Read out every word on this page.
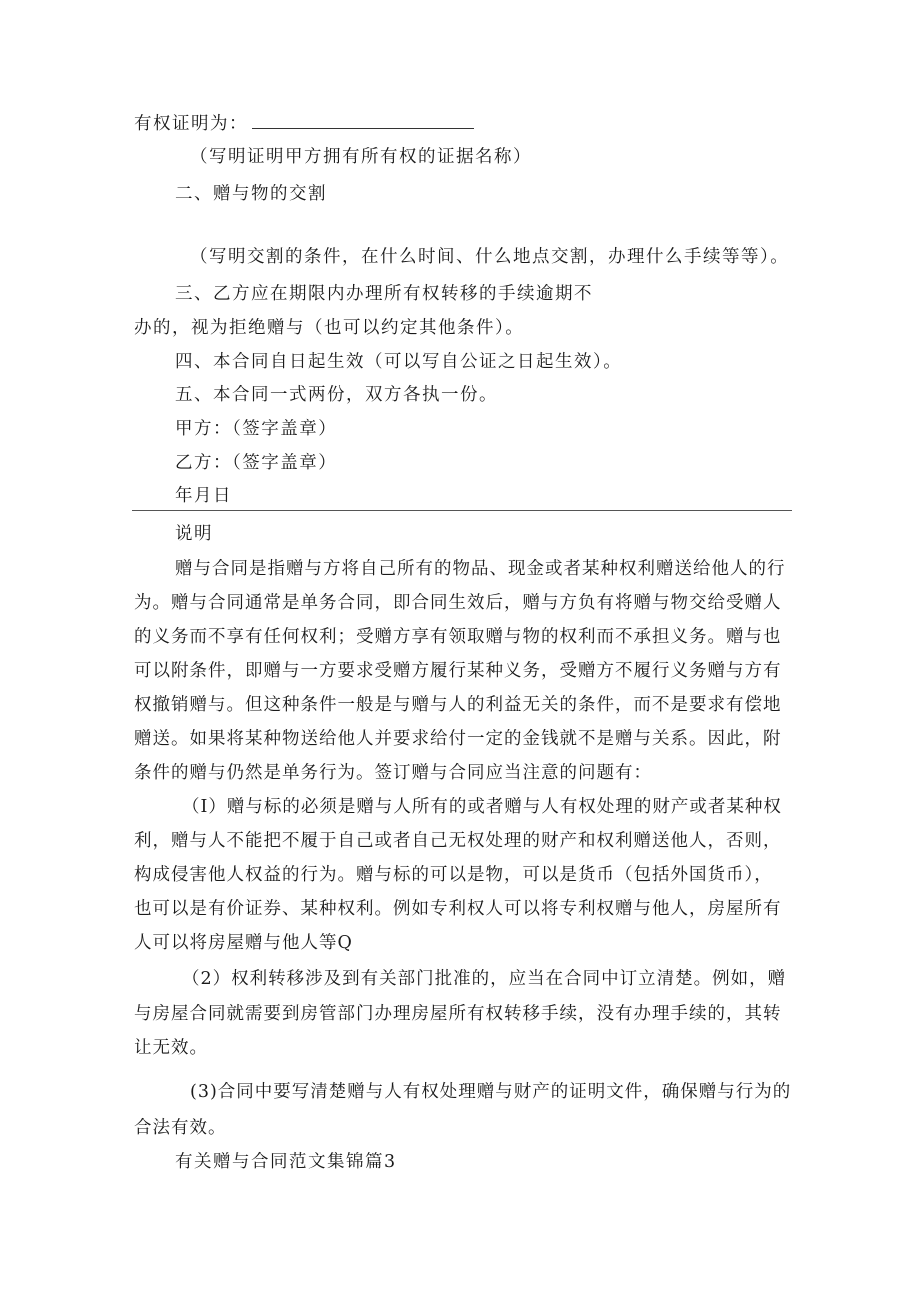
有权证明为：
（写明证明甲方拥有所有权的证据名称）
二、赠与物的交割
（写明交割的条件，在什么时间、什么地点交割，办理什么手续等等）。
三、乙方应在期限内办理所有权转移的手续逾期不
办的，视为拒绝赠与（也可以约定其他条件）。
四、本合同自日起生效（可以写自公证之日起生效）。
五、本合同一式两份，双方各执一份。
甲方：（签字盖章）
乙方：（签字盖章）
年月日
说明
赠与合同是指赠与方将自己所有的物品、现金或者某种权利赠送给他人的行
为。赠与合同通常是单务合同，即合同生效后，赠与方负有将赠与物交给受赠人
的义务而不享有任何权利；受赠方享有领取赠与物的权利而不承担义务。赠与也
可以附条件，即赠与一方要求受赠方履行某种义务，受赠方不履行义务赠与方有
权撤销赠与。但这种条件一般是与赠与人的利益无关的条件，而不是要求有偿地
赠送。如果将某种物送给他人并要求给付一定的金钱就不是赠与关系。因此，附
条件的赠与仍然是单务行为。签订赠与合同应当注意的问题有：
（I）赠与标的必须是赠与人所有的或者赠与人有权处理的财产或者某种权
利，赠与人不能把不履于自己或者自己无权处理的财产和权利赠送他人，否则，
构成侵害他人权益的行为。赠与标的可以是物，可以是货币（包括外国货币），
也可以是有价证券、某种权利。例如专利权人可以将专利权赠与他人，房屋所有
人可以将房屋赠与他人等Q
（2）权利转移涉及到有关部门批准的，应当在合同中订立清楚。例如，赠
与房屋合同就需要到房管部门办理房屋所有权转移手续，没有办理手续的，其转
让无效。
(3)合同中要写清楚赠与人有权处理赠与财产的证明文件，确保赠与行为的
合法有效。
有关赠与合同范文集锦篇3
